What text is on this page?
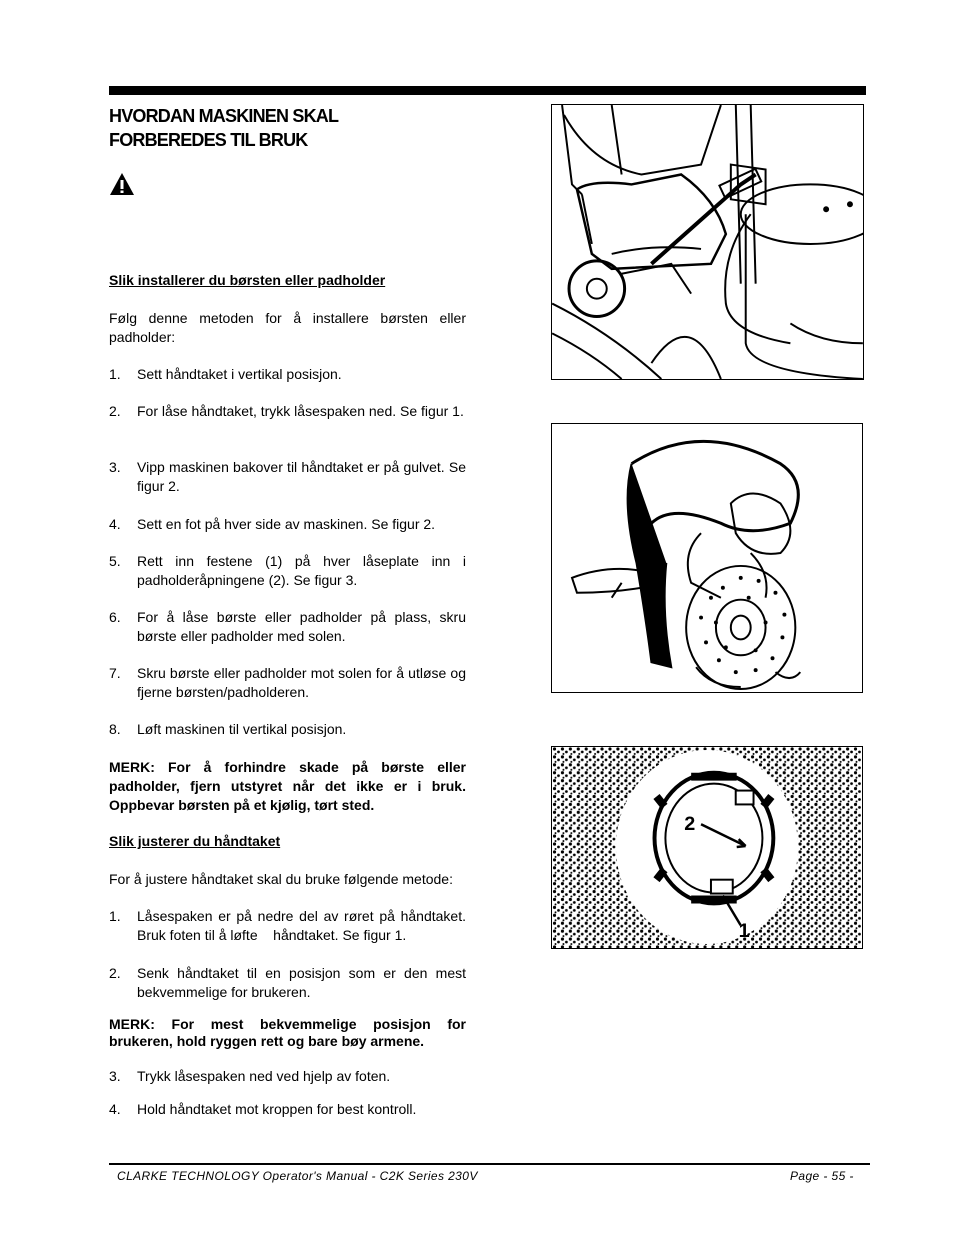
HVORDAN MASKINEN SKAL
FORBEREDES TIL BRUK
Slik installerer du børsten eller padholder
Følg denne metoden for å installere børsten eller padholder:
1.	Sett håndtaket i vertikal posisjon.
2.	For låse håndtaket, trykk låsespaken ned. Se figur 1.
3.	Vipp maskinen bakover til håndtaket er på gulvet. Se figur 2.
4.	Sett en fot på hver side av maskinen. Se figur 2.
5.	Rett inn festene (1) på hver låseplate inn i padholderåpningene (2). Se figur 3.
6.	For å låse børste eller padholder på plass, skru børste eller padholder med solen.
7.	Skru børste eller padholder mot solen for å utløse og fjerne børsten/padholderen.
8.	Løft maskinen til vertikal posisjon.
MERK: For å forhindre skade på børste eller padholder, fjern utstyret når det ikke er i bruk. Oppbevar børsten på et kjølig, tørt sted.
Slik justerer du håndtaket
For å justere håndtaket skal du bruke følgende metode:
1.	Låsespaken er på nedre del av røret på håndtaket. Bruk foten til å løfte    håndtaket. Se figur 1.
2.	Senk håndtaket til en posisjon som er den mest bekvemmelige for brukeren.
MERK: For mest bekvemmelige posisjon for brukeren, hold ryggen rett og bare bøy armene.
3.	Trykk låsespaken ned ved hjelp av foten.
4.	Hold håndtaket mot kroppen for best kontroll.
2
1
CLARKE TECHNOLOGY Operator's Manual - C2K Series 230V	Page - 55 -
